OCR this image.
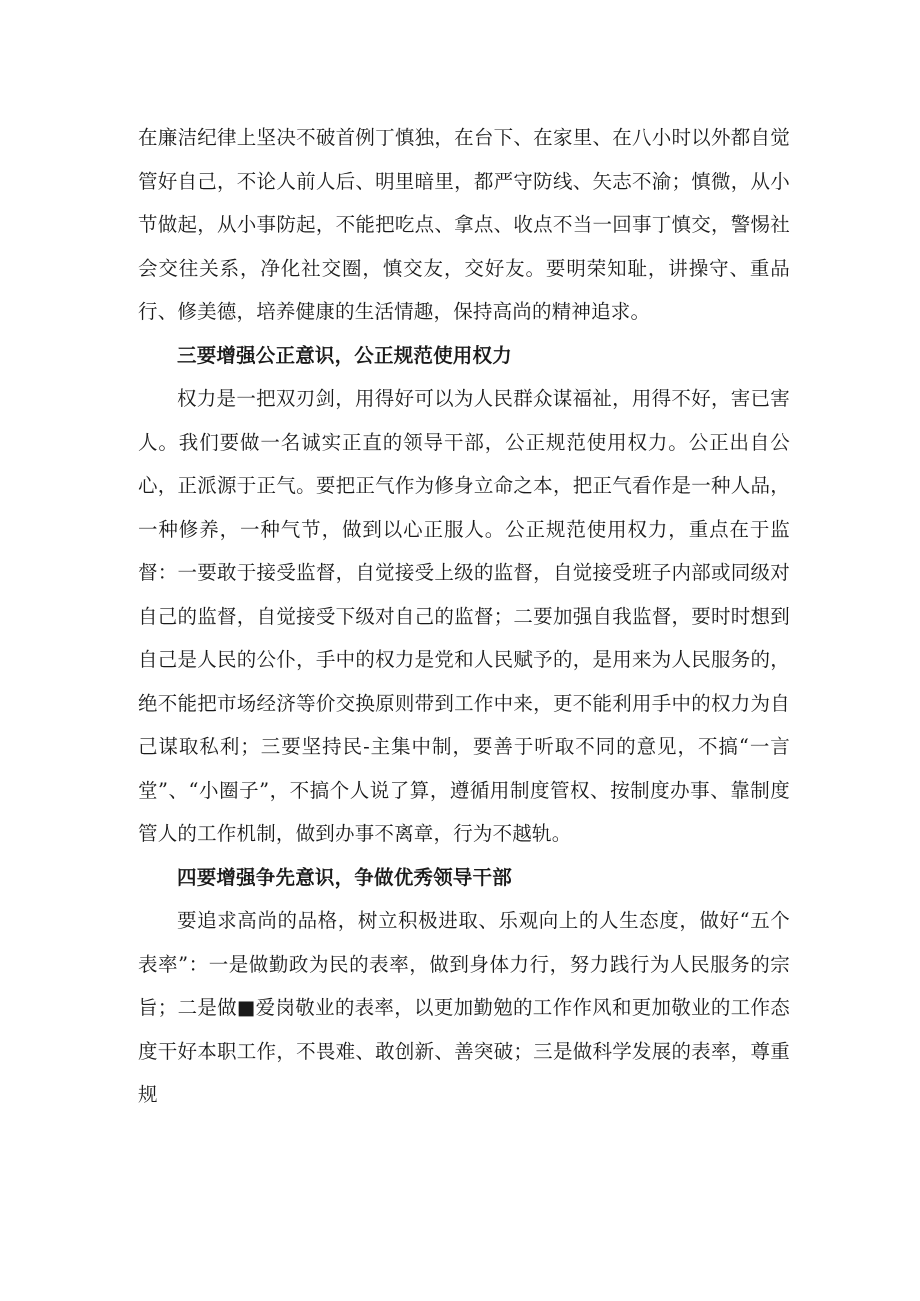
在廉洁纪律上坚决不破首例丁慎独，在台下、在家里、在八小时以外都自觉管好自己，不论人前人后、明里暗里，都严守防线、矢志不渝；慎微，从小节做起，从小事防起，不能把吃点、拿点、收点不当一回事丁慎交，警惕社会交往关系，净化社交圈，慎交友，交好友。要明荣知耻，讲操守、重品行、修美德，培养健康的生活情趣，保持高尚的精神追求。

三要增强公正意识，公正规范使用权力

权力是一把双刃剑，用得好可以为人民群众谋福祉，用得不好，害已害人。我们要做一名诚实正直的领导干部，公正规范使用权力。公正出自公心，正派源于正气。要把正气作为修身立命之本，把正气看作是一种人品，一种修养，一种气节，做到以心正服人。公正规范使用权力，重点在于监督：一要敢于接受监督，自觉接受上级的监督，自觉接受班子内部或同级对自己的监督，自觉接受下级对自己的监督；二要加强自我监督，要时时想到自己是人民的公仆，手中的权力是党和人民赋予的，是用来为人民服务的，绝不能把市场经济等价交换原则带到工作中来，更不能利用手中的权力为自己谋取私利；三要坚持民-主集中制，要善于听取不同的意见，不搞“一言堂”、“小圈子”，不搞个人说了算，遵循用制度管权、按制度办事、靠制度管人的工作机制，做到办事不离章，行为不越轨。

四要增强争先意识，争做优秀领导干部

要追求高尚的品格，树立积极进取、乐观向上的人生态度，做好“五个表率”：一是做勤政为民的表率，做到身体力行，努力践行为人民服务的宗旨；二是做■爱岗敬业的表率，以更加勤勉的工作作风和更加敬业的工作态度干好本职工作，不畏难、敢创新、善突破；三是做科学发展的表率，尊重规
